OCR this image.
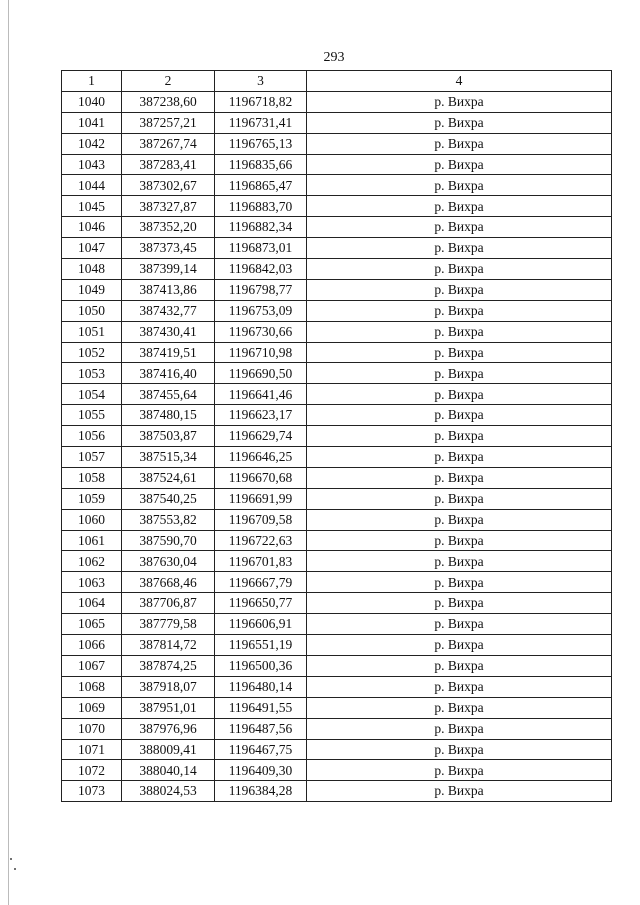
293
1	2	3	4
1040	387238,60	1196718,82	р. Вихра
1041	387257,21	1196731,41	р. Вихра
1042	387267,74	1196765,13	р. Вихра
1043	387283,41	1196835,66	р. Вихра
1044	387302,67	1196865,47	р. Вихра
1045	387327,87	1196883,70	р. Вихра
1046	387352,20	1196882,34	р. Вихра
1047	387373,45	1196873,01	р. Вихра
1048	387399,14	1196842,03	р. Вихра
1049	387413,86	1196798,77	р. Вихра
1050	387432,77	1196753,09	р. Вихра
1051	387430,41	1196730,66	р. Вихра
1052	387419,51	1196710,98	р. Вихра
1053	387416,40	1196690,50	р. Вихра
1054	387455,64	1196641,46	р. Вихра
1055	387480,15	1196623,17	р. Вихра
1056	387503,87	1196629,74	р. Вихра
1057	387515,34	1196646,25	р. Вихра
1058	387524,61	1196670,68	р. Вихра
1059	387540,25	1196691,99	р. Вихра
1060	387553,82	1196709,58	р. Вихра
1061	387590,70	1196722,63	р. Вихра
1062	387630,04	1196701,83	р. Вихра
1063	387668,46	1196667,79	р. Вихра
1064	387706,87	1196650,77	р. Вихра
1065	387779,58	1196606,91	р. Вихра
1066	387814,72	1196551,19	р. Вихра
1067	387874,25	1196500,36	р. Вихра
1068	387918,07	1196480,14	р. Вихра
1069	387951,01	1196491,55	р. Вихра
1070	387976,96	1196487,56	р. Вихра
1071	388009,41	1196467,75	р. Вихра
1072	388040,14	1196409,30	р. Вихра
1073	388024,53	1196384,28	р. Вихра
